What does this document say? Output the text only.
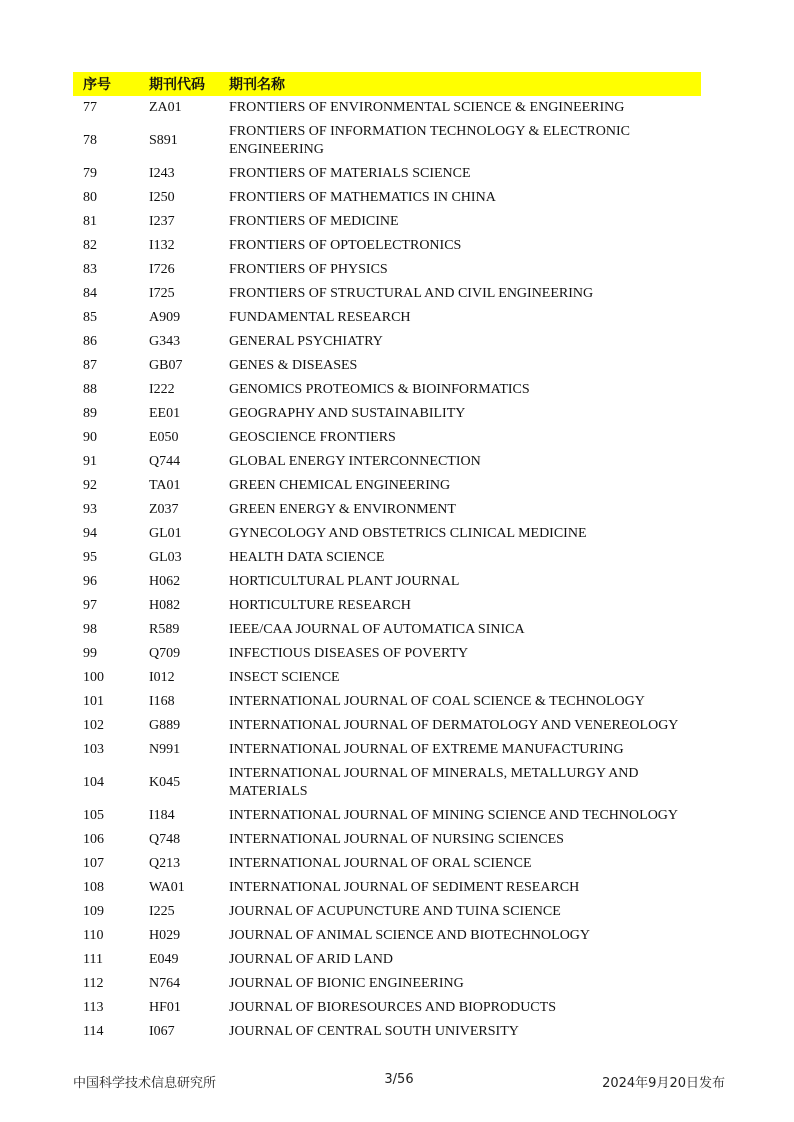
序号	期刊代码	期刊名称
77	ZA01	FRONTIERS OF ENVIRONMENTAL SCIENCE & ENGINEERING
78	S891	FRONTIERS OF INFORMATION TECHNOLOGY & ELECTRONIC ENGINEERING
79	I243	FRONTIERS OF MATERIALS SCIENCE
80	I250	FRONTIERS OF MATHEMATICS IN CHINA
81	I237	FRONTIERS OF MEDICINE
82	I132	FRONTIERS OF OPTOELECTRONICS
83	I726	FRONTIERS OF PHYSICS
84	I725	FRONTIERS OF STRUCTURAL AND CIVIL ENGINEERING
85	A909	FUNDAMENTAL RESEARCH
86	G343	GENERAL PSYCHIATRY
87	GB07	GENES & DISEASES
88	I222	GENOMICS PROTEOMICS & BIOINFORMATICS
89	EE01	GEOGRAPHY AND SUSTAINABILITY
90	E050	GEOSCIENCE FRONTIERS
91	Q744	GLOBAL ENERGY INTERCONNECTION
92	TA01	GREEN CHEMICAL ENGINEERING
93	Z037	GREEN ENERGY & ENVIRONMENT
94	GL01	GYNECOLOGY AND OBSTETRICS CLINICAL MEDICINE
95	GL03	HEALTH DATA SCIENCE
96	H062	HORTICULTURAL PLANT JOURNAL
97	H082	HORTICULTURE RESEARCH
98	R589	IEEE/CAA JOURNAL OF AUTOMATICA SINICA
99	Q709	INFECTIOUS DISEASES OF POVERTY
100	I012	INSECT SCIENCE
101	I168	INTERNATIONAL JOURNAL OF COAL SCIENCE & TECHNOLOGY
102	G889	INTERNATIONAL JOURNAL OF DERMATOLOGY AND VENEREOLOGY
103	N991	INTERNATIONAL JOURNAL OF EXTREME MANUFACTURING
104	K045	INTERNATIONAL JOURNAL OF MINERALS, METALLURGY AND MATERIALS
105	I184	INTERNATIONAL JOURNAL OF MINING SCIENCE AND TECHNOLOGY
106	Q748	INTERNATIONAL JOURNAL OF NURSING SCIENCES
107	Q213	INTERNATIONAL JOURNAL OF ORAL SCIENCE
108	WA01	INTERNATIONAL JOURNAL OF SEDIMENT RESEARCH
109	I225	JOURNAL OF ACUPUNCTURE AND TUINA SCIENCE
110	H029	JOURNAL OF ANIMAL SCIENCE AND BIOTECHNOLOGY
111	E049	JOURNAL OF ARID LAND
112	N764	JOURNAL OF BIONIC ENGINEERING
113	HF01	JOURNAL OF BIORESOURCES AND BIOPRODUCTS
114	I067	JOURNAL OF CENTRAL SOUTH UNIVERSITY
中国科学技术信息研究所	3/56	2024年9月20日发布
